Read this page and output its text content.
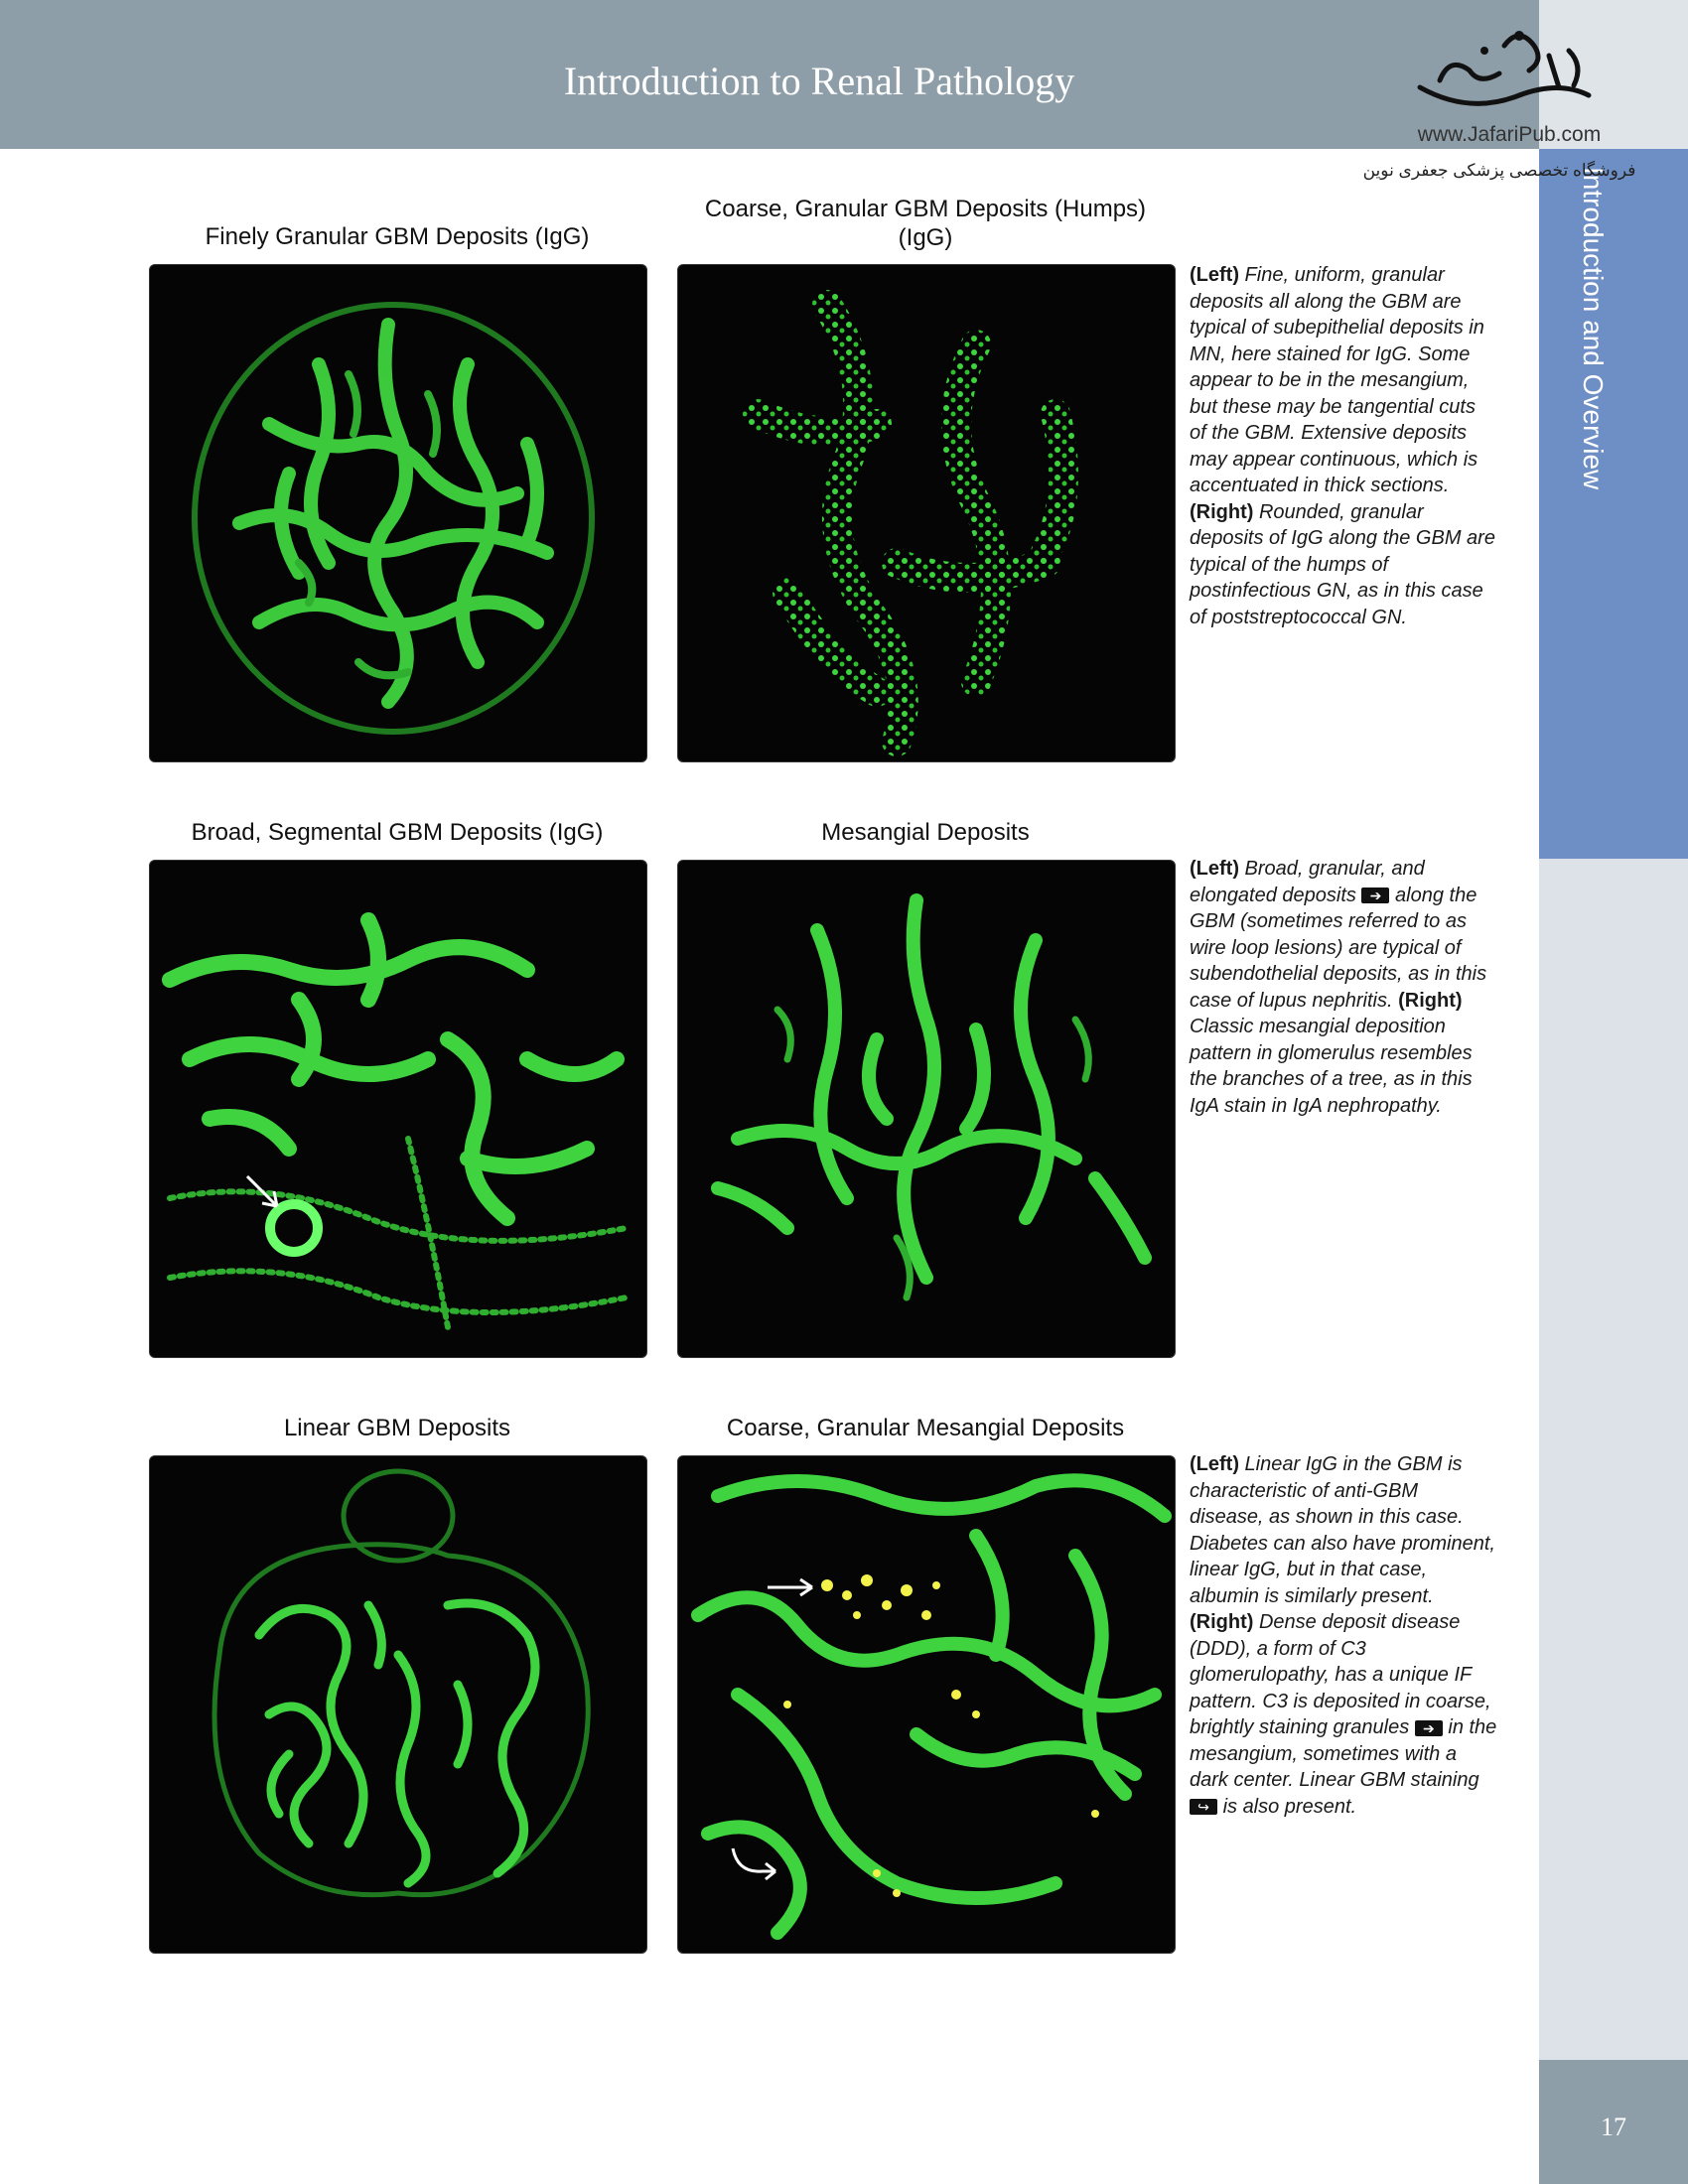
Introduction to Renal Pathology
Introduction and Overview
17
www.JafariPub.com
فروشگاه تخصصی پزشکی جعفری نوین
Finely Granular GBM Deposits (IgG)
Coarse, Granular GBM Deposits (Humps)
(IgG)
(Left) Fine, uniform, granular deposits all along the GBM are typical of subepithelial deposits in MN, here stained for IgG. Some appear to be in the mesangium, but these may be tangential cuts of the GBM. Extensive deposits may appear continuous, which is accentuated in thick sections. (Right) Rounded, granular deposits of IgG along the GBM are typical of the humps of postinfectious GN, as in this case of poststreptococcal GN.
Broad, Segmental GBM Deposits (IgG)	Mesangial Deposits
(Left) Broad, granular, and elongated deposits ➔ along the GBM (sometimes referred to as wire loop lesions) are typical of subendothelial deposits, as in this case of lupus nephritis. (Right) Classic mesangial deposition pattern in glomerulus resembles the branches of a tree, as in this IgA stain in IgA nephropathy.
Linear GBM Deposits	Coarse, Granular Mesangial Deposits
(Left) Linear IgG in the GBM is characteristic of anti-GBM disease, as shown in this case. Diabetes can also have prominent, linear IgG, but in that case, albumin is similarly present. (Right) Dense deposit disease (DDD), a form of C3 glomerulopathy, has a unique IF pattern. C3 is deposited in coarse, brightly staining granules ➔ in the mesangium, sometimes with a dark center. Linear GBM staining ↪ is also present.
